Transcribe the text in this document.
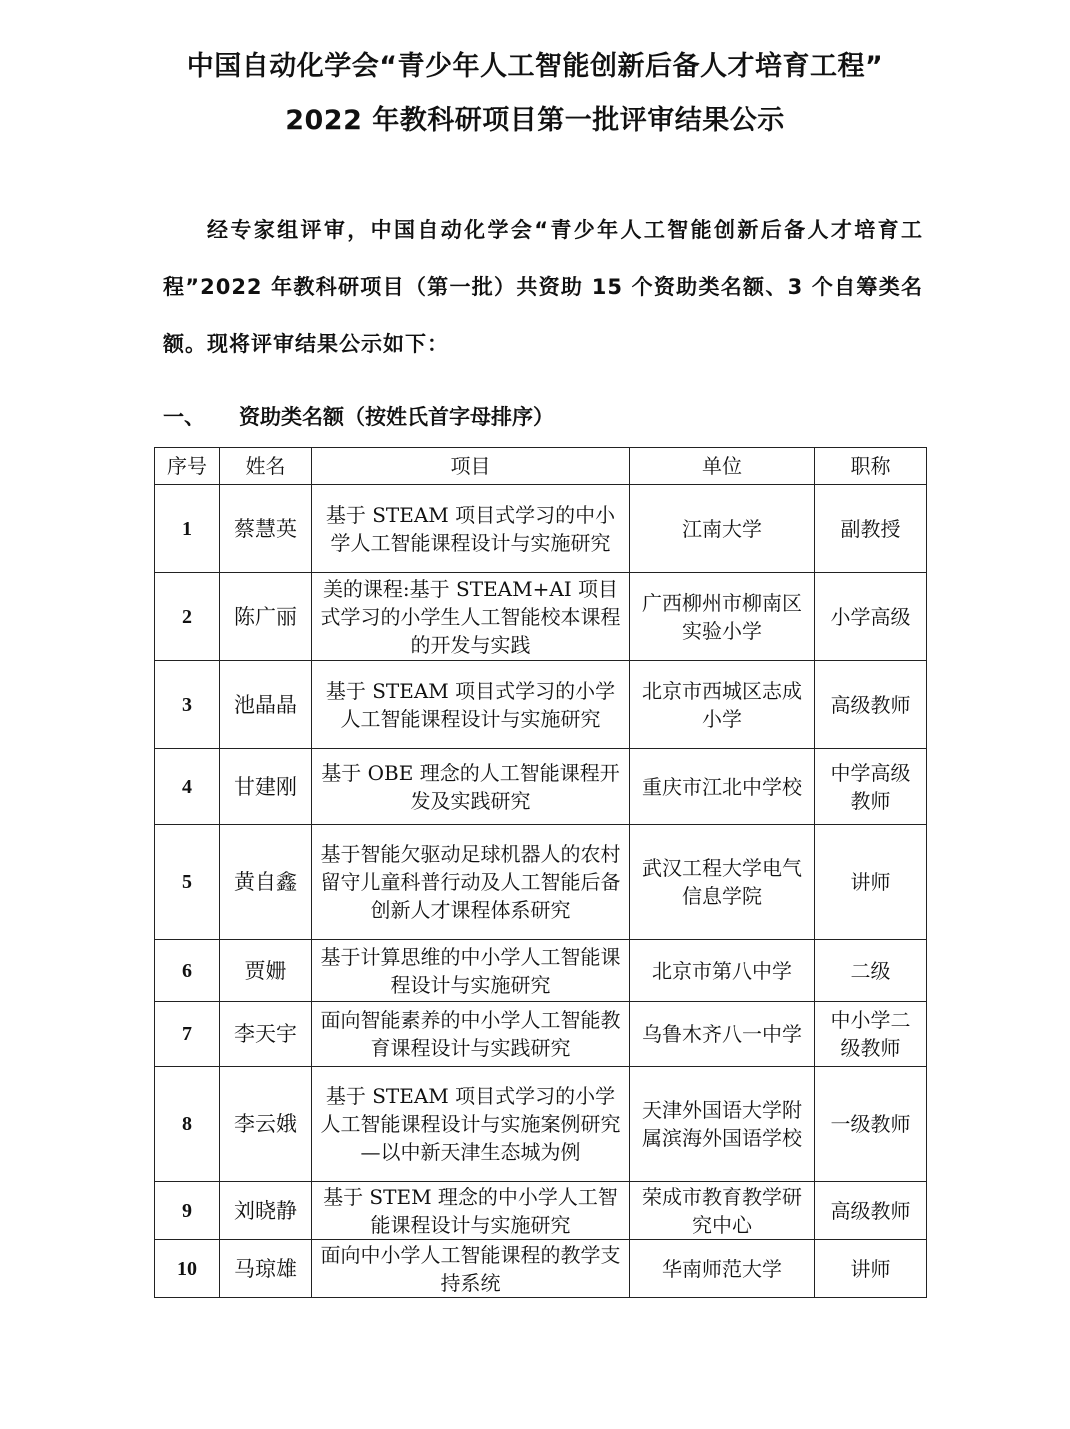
中国自动化学会“青少年人工智能创新后备人才培育工程”
2022 年教科研项目第一批评审结果公示
经专家组评审，中国自动化学会“青少年人工智能创新后备人才培育工程”2022 年教科研项目（第一批）共资助 15 个资助类名额、3 个自筹类名额。现将评审结果公示如下：
一、 资助类名额（按姓氏首字母排序）
序号	姓名	项目	单位	职称
1	蔡慧英	基于 STEAM 项目式学习的中小学人工智能课程设计与实施研究	江南大学	副教授
2	陈广丽	美的课程:基于 STEAM+AI 项目式学习的小学生人工智能校本课程的开发与实践	广西柳州市柳南区实验小学	小学高级
3	池晶晶	基于 STEAM 项目式学习的小学人工智能课程设计与实施研究	北京市西城区志成小学	高级教师
4	甘建刚	基于 OBE 理念的人工智能课程开发及实践研究	重庆市江北中学校	中学高级教师
5	黄自鑫	基于智能欠驱动足球机器人的农村留守儿童科普行动及人工智能后备创新人才课程体系研究	武汉工程大学电气信息学院	讲师
6	贾姗	基于计算思维的中小学人工智能课程设计与实施研究	北京市第八中学	二级
7	李天宇	面向智能素养的中小学人工智能教育课程设计与实践研究	乌鲁木齐八一中学	中小学二级教师
8	李云娥	基于 STEAM 项目式学习的小学人工智能课程设计与实施案例研究—以中新天津生态城为例	天津外国语大学附属滨海外国语学校	一级教师
9	刘晓静	基于 STEM 理念的中小学人工智能课程设计与实施研究	荣成市教育教学研究中心	高级教师
10	马琼雄	面向中小学人工智能课程的教学支持系统	华南师范大学	讲师
